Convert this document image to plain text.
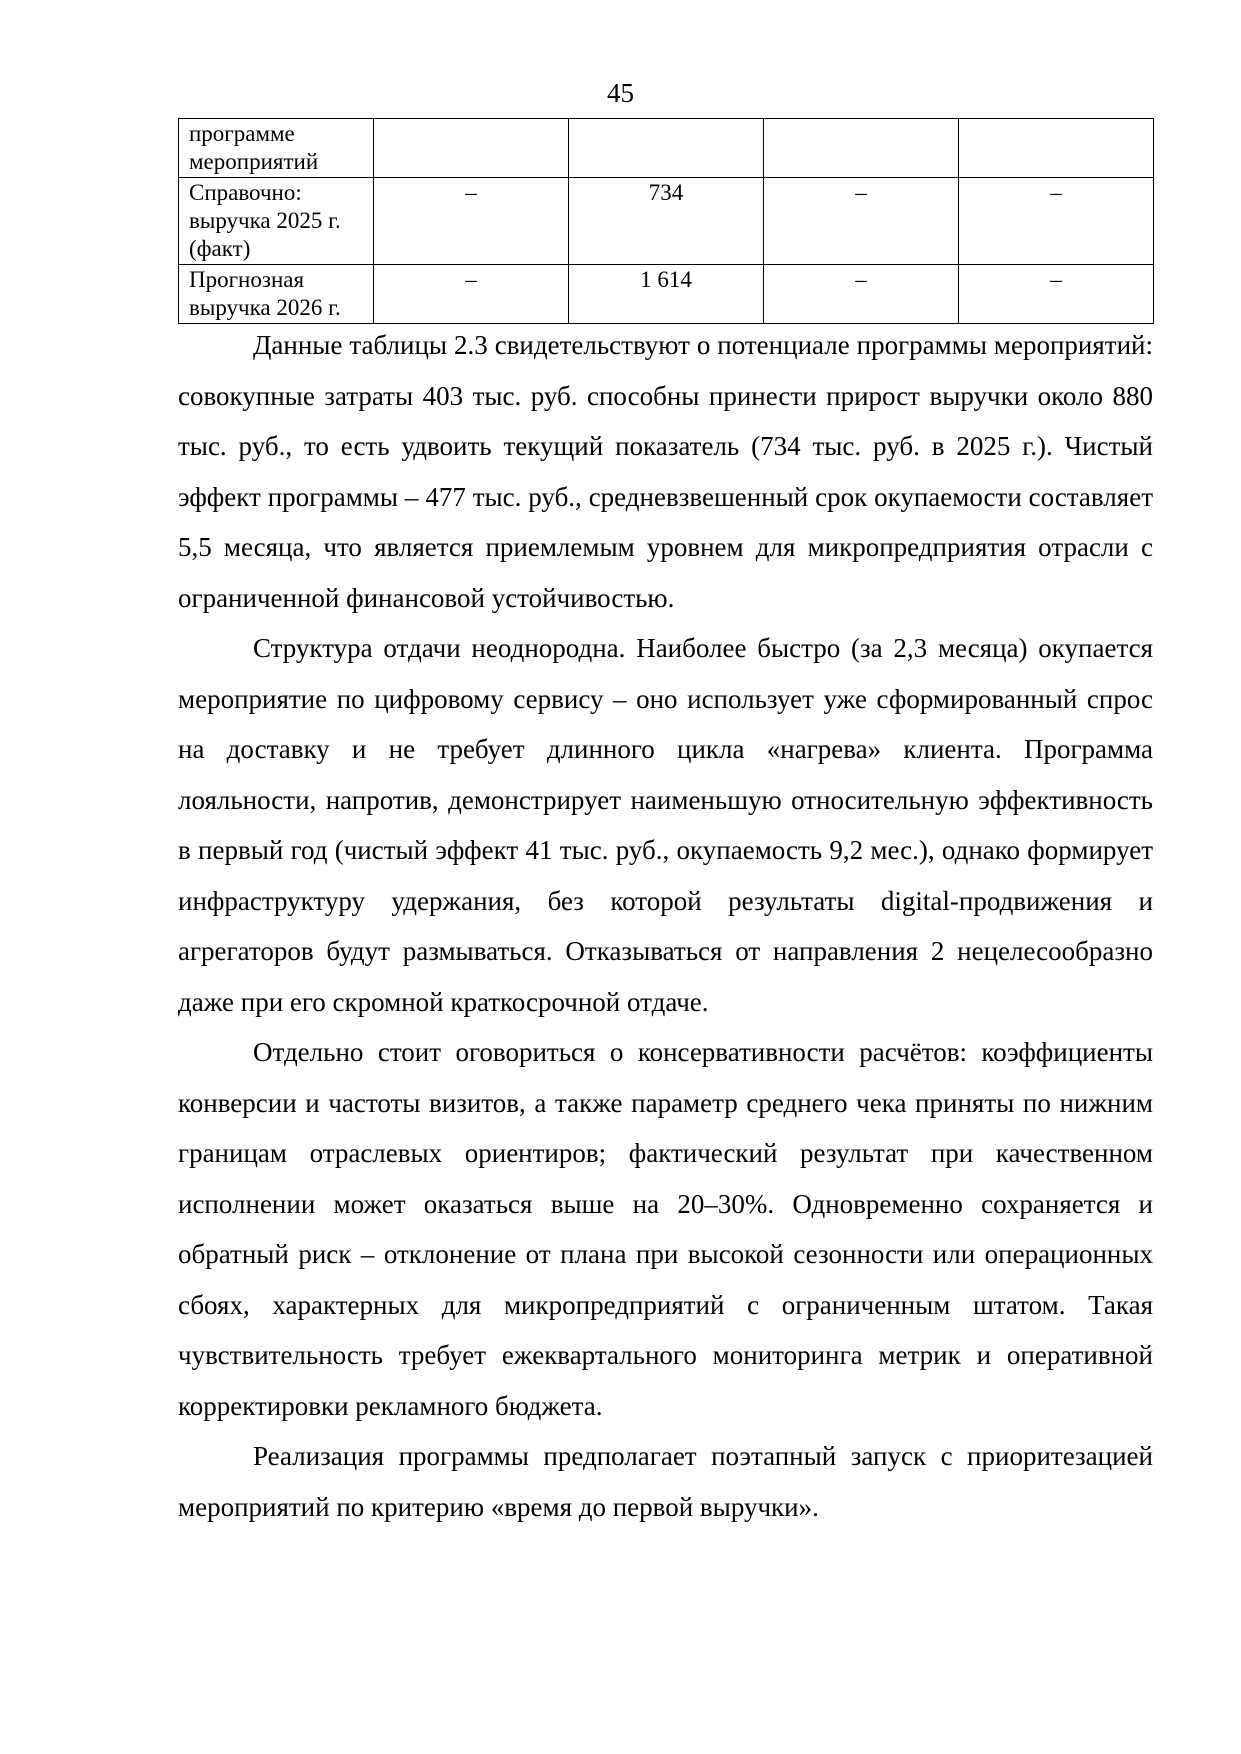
45
программе мероприятий				
Справочно: выручка 2025 г. (факт)	–	734	–	–
Прогнозная выручка 2026 г.	–	1 614	–	–

Данные таблицы 2.3 свидетельствуют о потенциале программы мероприятий: совокупные затраты 403 тыс. руб. способны принести прирост выручки около 880 тыс. руб., то есть удвоить текущий показатель (734 тыс. руб. в 2025 г.). Чистый эффект программы – 477 тыс. руб., средневзвешенный срок окупаемости составляет 5,5 месяца, что является приемлемым уровнем для микропредприятия отрасли с ограниченной финансовой устойчивостью.

Структура отдачи неоднородна. Наиболее быстро (за 2,3 месяца) окупается мероприятие по цифровому сервису – оно использует уже сформированный спрос на доставку и не требует длинного цикла «нагрева» клиента. Программа лояльности, напротив, демонстрирует наименьшую относительную эффективность в первый год (чистый эффект 41 тыс. руб., окупаемость 9,2 мес.), однако формирует инфраструктуру удержания, без которой результаты digital-продвижения и агрегаторов будут размываться. Отказываться от направления 2 нецелесообразно даже при его скромной краткосрочной отдаче.

Отдельно стоит оговориться о консервативности расчётов: коэффициенты конверсии и частоты визитов, а также параметр среднего чека приняты по нижним границам отраслевых ориентиров; фактический результат при качественном исполнении может оказаться выше на 20–30%. Одновременно сохраняется и обратный риск – отклонение от плана при высокой сезонности или операционных сбоях, характерных для микропредприятий с ограниченным штатом. Такая чувствительность требует ежеквартального мониторинга метрик и оперативной корректировки рекламного бюджета.

Реализация программы предполагает поэтапный запуск с приоритезацией мероприятий по критерию «время до первой выручки».
